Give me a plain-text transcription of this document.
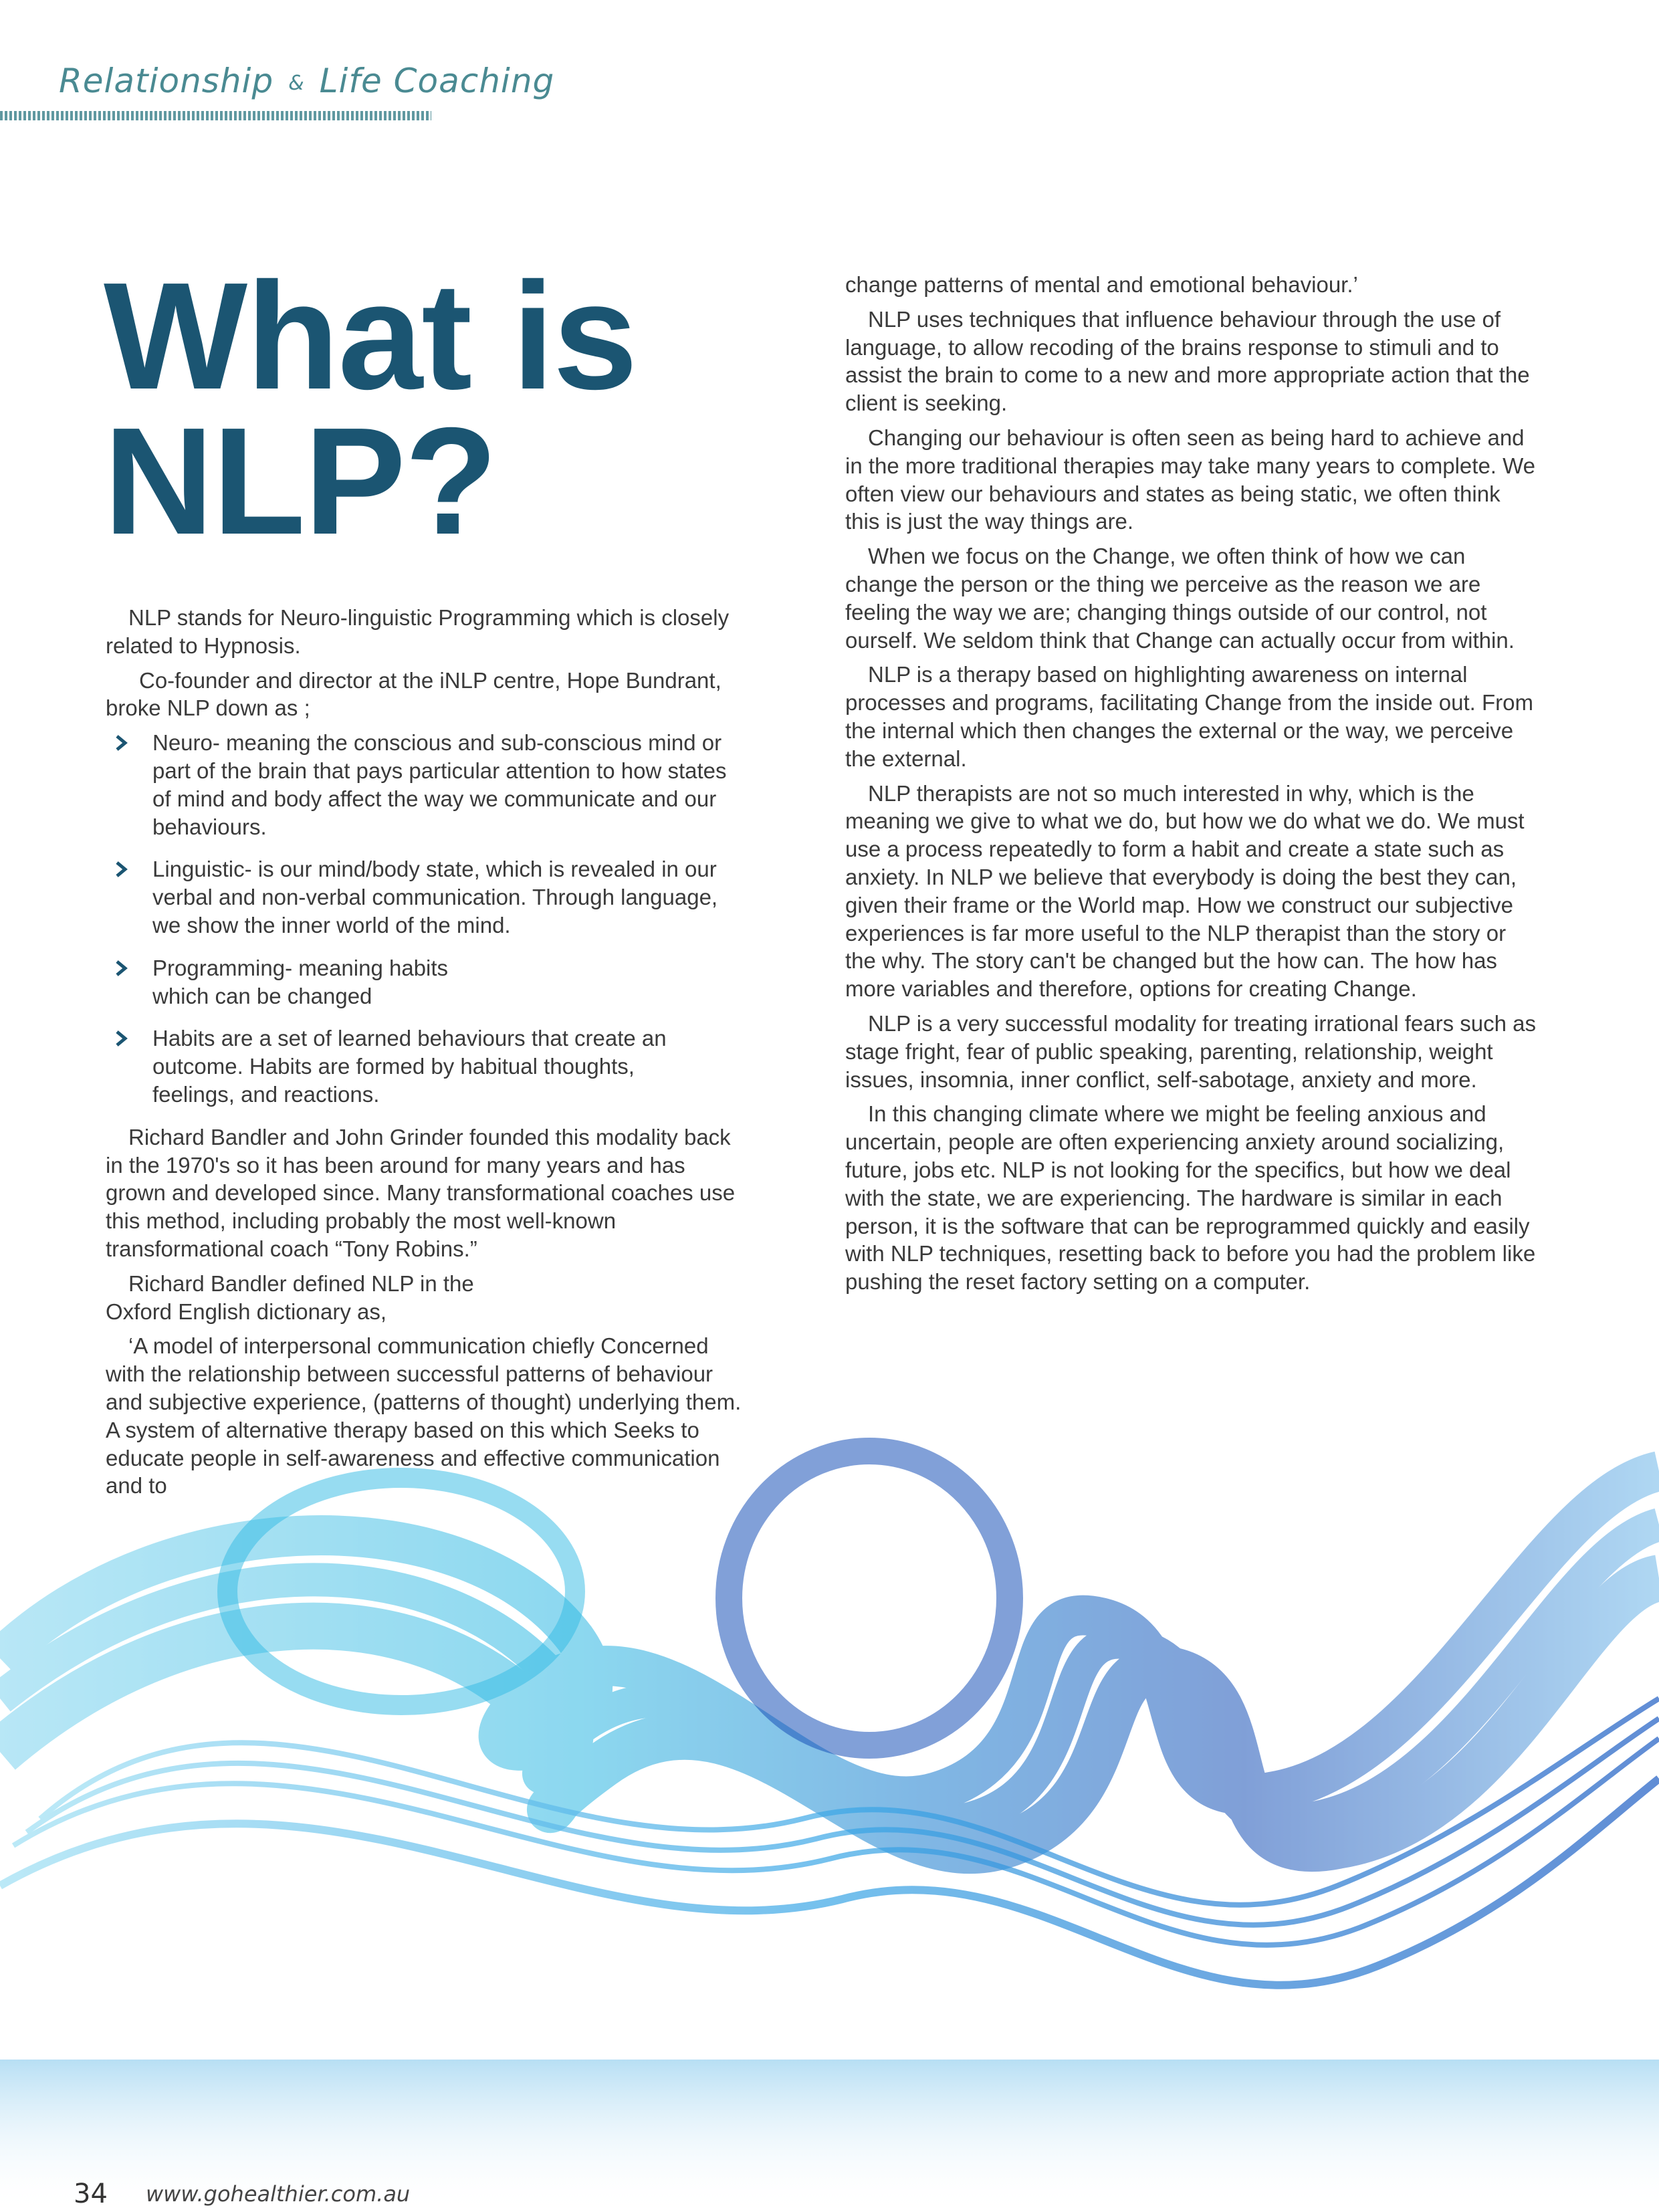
Relationship & Life Coaching
What is
NLP?

NLP stands for Neuro-linguistic Programming which is closely related to Hypnosis.

Co-founder and director at the iNLP centre, Hope Bundrant, broke NLP down as ;

Neuro- meaning the conscious and sub-conscious mind or part of the brain that pays particular attention to how states of mind and body affect the way we communicate and our behaviours.
Linguistic- is our mind/body state, which is revealed in our verbal and non-verbal communication. Through language, we show the inner world of the mind.
Programming- meaning habits which can be changed
Habits are a set of learned behaviours that create an outcome. Habits are formed by habitual thoughts, feelings, and reactions.

Richard Bandler and John Grinder founded this modality back in the 1970's so it has been around for many years and has grown and developed since. Many transformational coaches use this method, including probably the most well-known transformational coach “Tony Robins.”

Richard Bandler defined NLP in the Oxford English dictionary as,

‘A model of interpersonal communication chiefly Concerned with the relationship between successful patterns of behaviour and subjective experience, (patterns of thought) underlying them. A system of alternative therapy based on this which Seeks to educate people in self-awareness and effective communication and to

change patterns of mental and emotional behaviour.’

NLP uses techniques that influence behaviour through the use of language, to allow recoding of the brains response to stimuli and to assist the brain to come to a new and more appropriate action that the client is seeking.

Changing our behaviour is often seen as being hard to achieve and in the more traditional therapies may take many years to complete. We often view our behaviours and states as being static, we often think this is just the way things are.

When we focus on the Change, we often think of how we can change the person or the thing we perceive as the reason we are feeling the way we are; changing things outside of our control, not ourself. We seldom think that Change can actually occur from within.

NLP is a therapy based on highlighting awareness on internal processes and programs, facilitating Change from the inside out. From the internal which then changes the external or the way, we perceive the external.

NLP therapists are not so much interested in why, which is the meaning we give to what we do, but how we do what we do. We must use a process repeatedly to form a habit and create a state such as anxiety. In NLP we believe that everybody is doing the best they can, given their frame or the World map. How we construct our subjective experiences is far more useful to the NLP therapist than the story or the why. The story can't be changed but the how can. The how has more variables and therefore, options for creating Change.

NLP is a very successful modality for treating irrational fears such as stage fright, fear of public speaking, parenting, relationship, weight issues, insomnia, inner conflict, self-sabotage, anxiety and more.

In this changing climate where we might be feeling anxious and uncertain, people are often experiencing anxiety around socializing, future, jobs etc. NLP is not looking for the specifics, but how we deal with the state, we are experiencing. The hardware is similar in each person, it is the software that can be reprogrammed quickly and easily with NLP techniques, resetting back to before you had the problem like pushing the reset factory setting on a computer.

34 www.gohealthier.com.au
